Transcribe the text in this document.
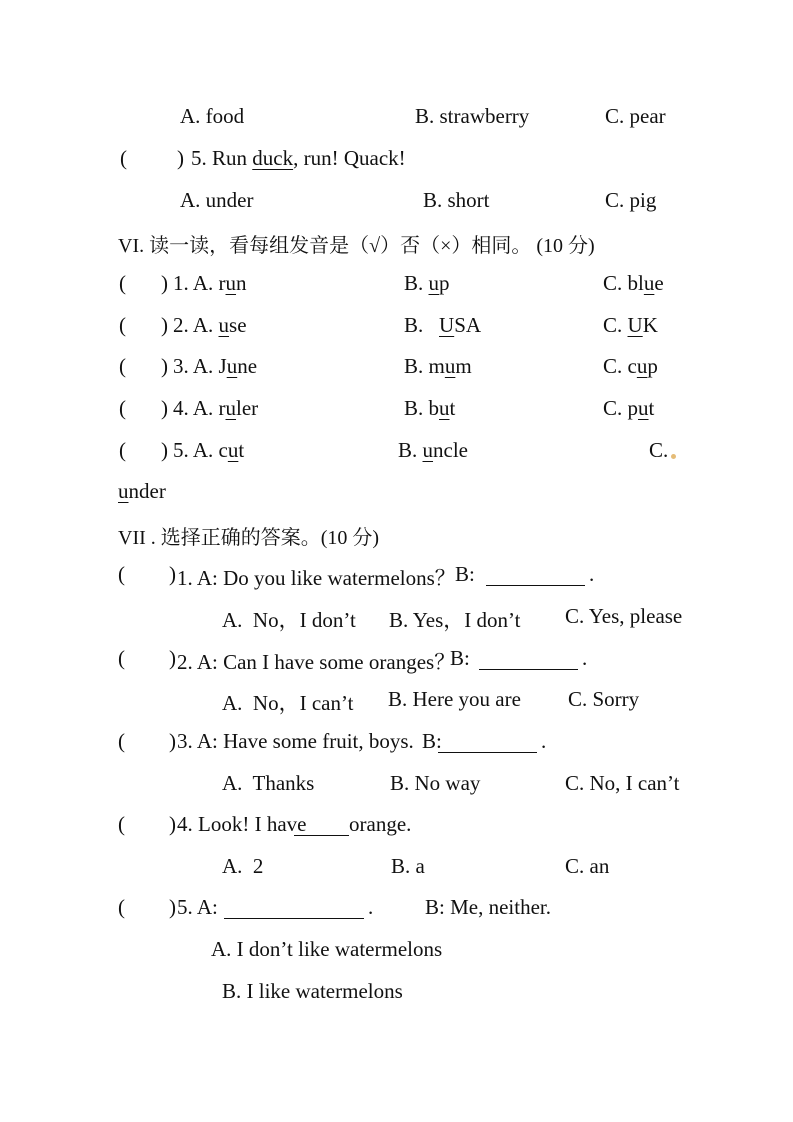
A. food	B. strawberry	C. pear
( ) 5. Run duck, run! Quack!
A. under	B. short	C. pig
VI. 读一读，看每组发音是（√）否（×）相同。 (10 分)
( ) 1. A. run	B. up	C. blue
( ) 2. A. use	B.   USA	C. UK
( ) 3. A. June	B. mum	C. cup
( ) 4. A. ruler	B. but	C. put
( ) 5. A. cut	B. uncle	C.
under
VII . 选择正确的答案。(10 分)
( ) 1. A: Do you like watermelons？ B:	.
A.  No，I don’t B. Yes，I don’t C. Yes, please
( ) 2. A: Can I have some oranges？
B:	.
A.  No，I can’t B. Here you are C. Sorry
( ) 3. A: Have some fruit, boys. B:	.
A.  Thanks	B. No way	C. No, I can’t
( ) 4. Look! I have orange.
A.  2	B. a	C. an
( ) 5. A:	. B: Me, neither.
A. I don’t like watermelons
B. I like watermelons
